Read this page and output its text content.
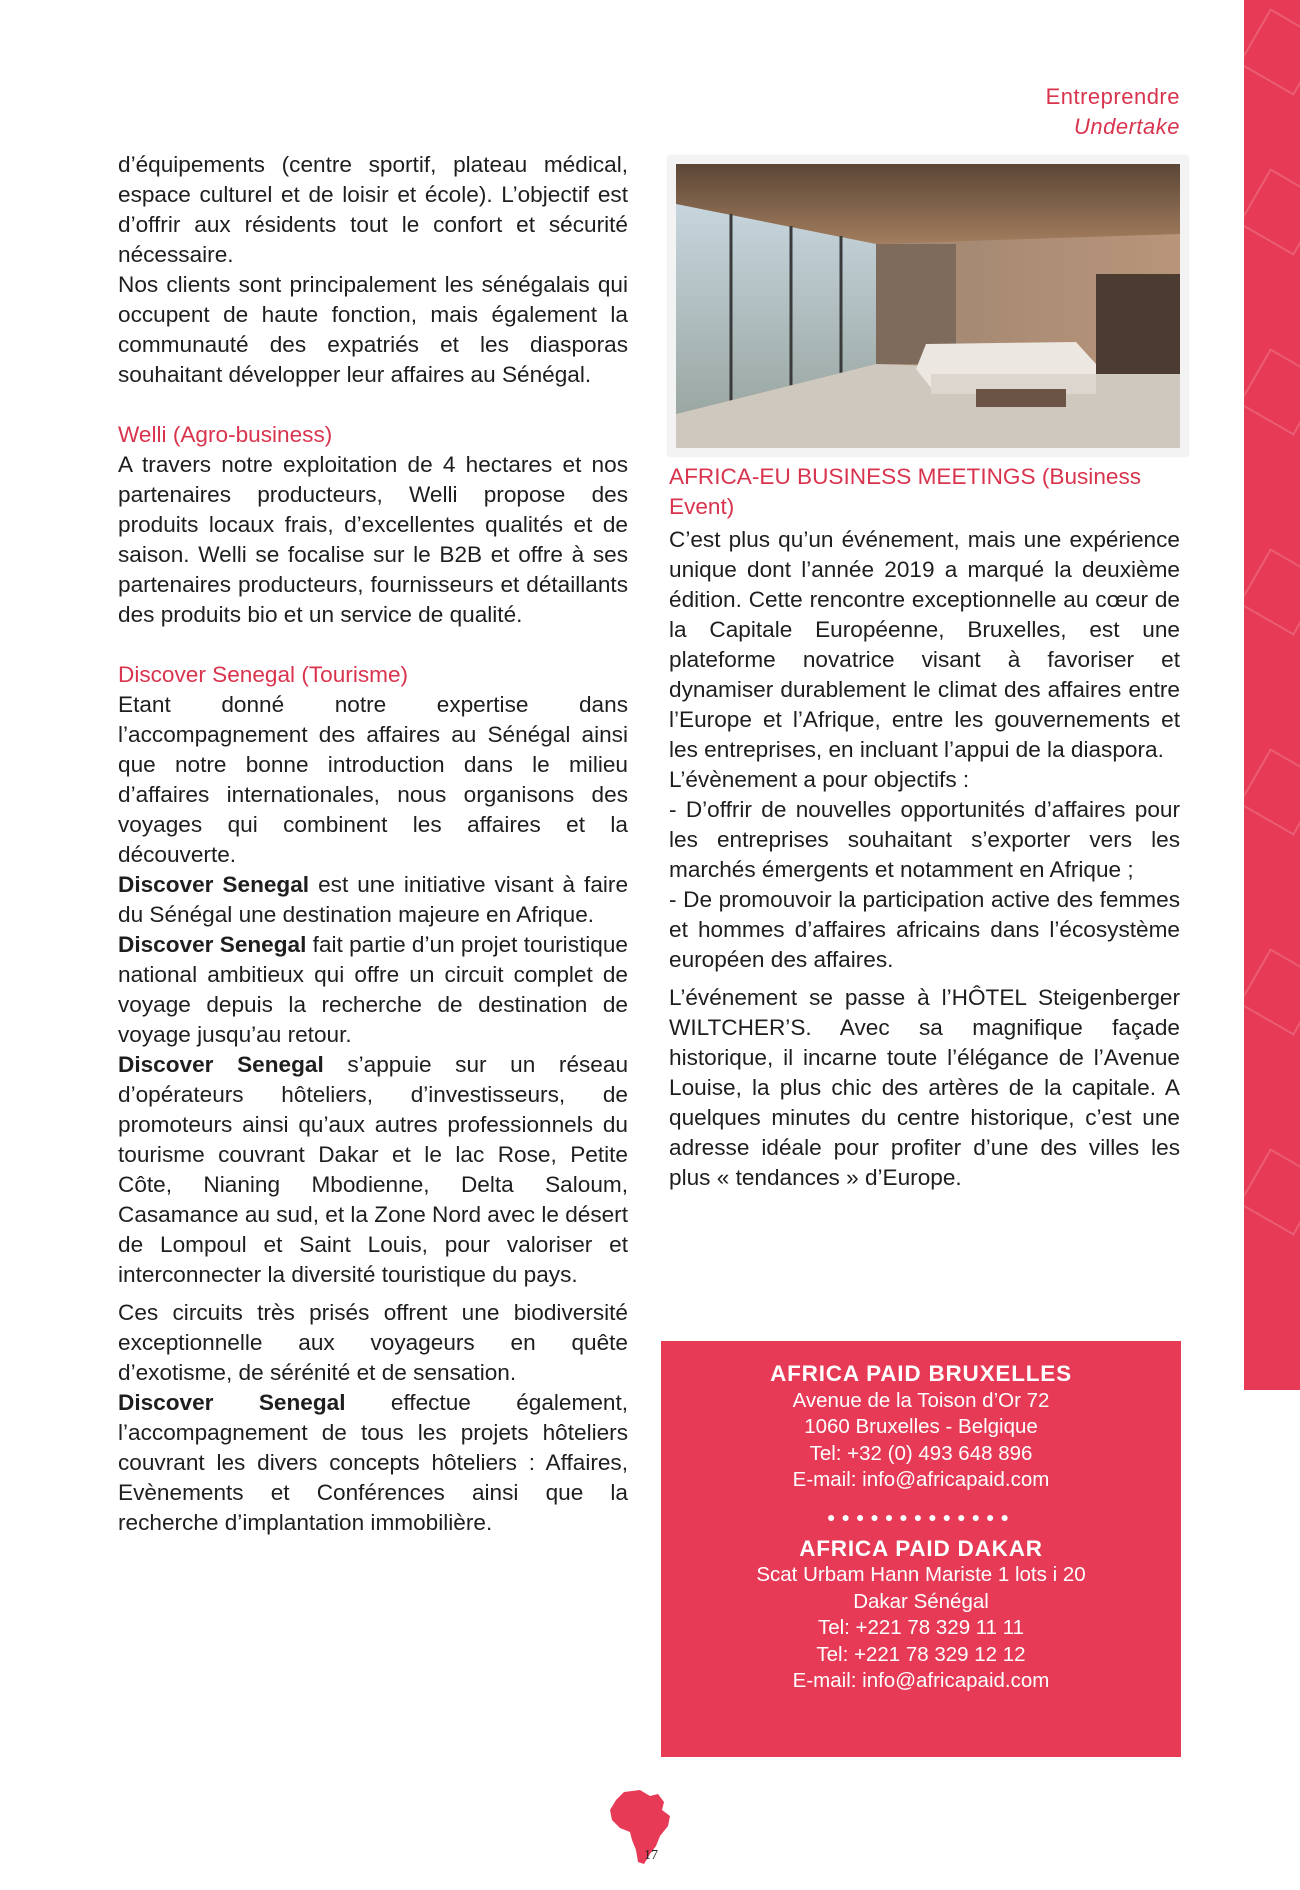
Entreprendre
Undertake

d’équipements (centre sportif, plateau médical, espace culturel et de loisir et école). L’objectif est d’offrir aux résidents tout le confort et sécurité nécessaire.

Nos clients sont principalement les sénégalais qui occupent de haute fonction, mais également la communauté des expatriés et les diasporas souhaitant développer leur affaires au Sénégal.

Welli (Agro-business)

A travers notre exploitation de 4 hectares et nos partenaires producteurs, Welli propose des produits locaux frais, d’excellentes qualités et de saison. Welli se focalise sur le B2B et offre à ses partenaires producteurs, fournisseurs et détaillants des produits bio et un service de qualité.

Discover Senegal (Tourisme)

Etant donné notre expertise dans l’accompagnement des affaires au Sénégal ainsi que notre bonne introduction dans le milieu d’affaires internationales, nous organisons des voyages qui combinent les affaires et la découverte.

Discover Senegal est une initiative visant à faire du Sénégal une destination majeure en Afrique.

Discover Senegal fait partie d’un projet touristique national ambitieux qui offre un circuit complet de voyage depuis la recherche de destination de voyage jusqu’au retour.

Discover Senegal s’appuie sur un réseau d’opérateurs hôteliers, d’investisseurs, de promoteurs ainsi qu’aux autres professionnels du tourisme couvrant Dakar et le lac Rose, Petite Côte, Nianing Mbodienne, Delta Saloum, Casamance au sud, et la Zone Nord avec le désert de Lompoul et Saint Louis, pour valoriser et interconnecter la diversité touristique du pays.

Ces circuits très prisés offrent une biodiversité exceptionnelle aux voyageurs en quête d’exotisme, de sérénité et de sensation.

Discover Senegal effectue également, l’accompagnement de tous les projets hôteliers couvrant les divers concepts hôteliers : Affaires, Evènements et Conférences ainsi que la recherche d’implantation immobilière.

AFRICA-EU BUSINESS MEETINGS (Business Event)

C’est plus qu’un événement, mais une expérience unique dont l’année 2019 a marqué la deuxième édition. Cette rencontre exceptionnelle au cœur de la Capitale Européenne, Bruxelles, est une plateforme novatrice visant à favoriser et dynamiser durablement le climat des affaires entre l’Europe et l’Afrique, entre les gouvernements et les entreprises, en incluant l’appui de la diaspora.

L’évènement a pour objectifs :

- D’offrir de nouvelles opportunités d’affaires pour les entreprises souhaitant s’exporter vers les marchés émergents et notamment en Afrique ;

- De promouvoir la participation active des femmes et hommes d’affaires africains dans l’écosystème européen des affaires.

L’événement se passe à l’HÔTEL Steigenberger WILTCHER’S. Avec sa magnifique façade historique, il incarne toute l’élégance de l’Avenue Louise, la plus chic des artères de la capitale. A quelques minutes du centre historique, c’est une adresse idéale pour profiter d’une des villes les plus « tendances » d’Europe.

AFRICA PAID BRUXELLES
Avenue de la Toison d’Or 72
1060 Bruxelles - Belgique
Tel: +32 (0) 493 648 896
E-mail: info@africapaid.com
●●●●●●●●●●●●●
AFRICA PAID DAKAR
Scat Urbam Hann Mariste 1 lots i 20
Dakar Sénégal
Tel: +221 78 329 11 11
Tel: +221 78 329 12 12
E-mail: info@africapaid.com
17
